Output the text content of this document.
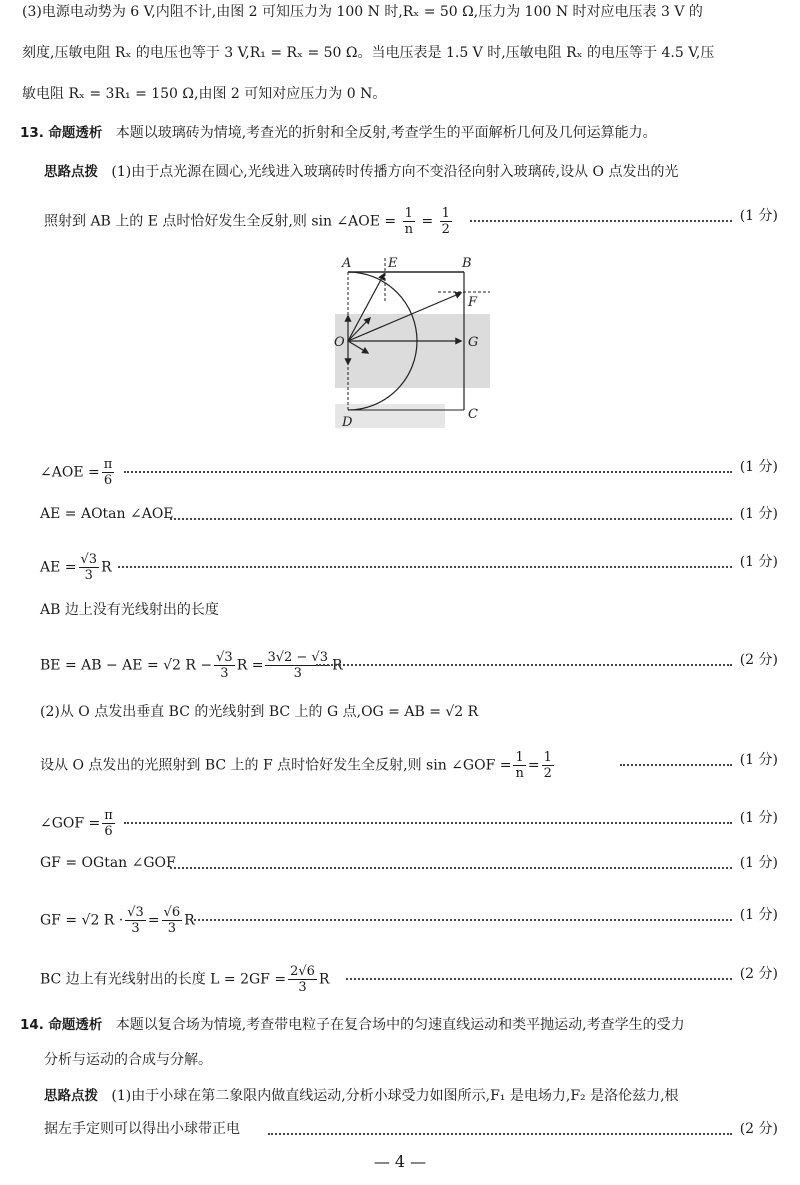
(3)电源电动势为 6 V,内阻不计,由图 2 可知压力为 100 N 时,Rₓ = 50 Ω,压力为 100 N 时对应电压表 3 V 的
刻度,压敏电阻 Rₓ 的电压也等于 3 V,R₁ = Rₓ = 50 Ω。当电压表是 1.5 V 时,压敏电阻 Rₓ 的电压等于 4.5 V,压
敏电阻 Rₓ = 3R₁ = 150 Ω,由图 2 可知对应压力为 0 N。
13. 命题透析 本题以玻璃砖为情境,考查光的折射和全反射,考查学生的平面解析几何及几何运算能力。
思路点拨 (1)由于点光源在圆心,光线进入玻璃砖时传播方向不变沿径向射入玻璃砖,设从 O 点发出的光
照射到 AB 上的 E 点时恰好发生全反射,则 sin ∠AOE = $\frac{1}{n} = \frac{1}{2}$	(1 分)
A	E	B
F
O	G
D
C
∠AOE = $\frac{\pi}{6}$	(1 分)
AE = AOtan ∠AOE	(1 分)
AE = $\frac{√3}{3}$ R	(1 分)
AB 边上没有光线射出的长度
BE = AB − AE = √2 $R - \frac{√3}{3}$ $R = \frac{3√2 - √3}{3}$ R	(2 分)
(2)从 O 点发出垂直 BC 的光线射到 BC 上的 G 点,OG = AB = √2 R
设从 O 点发出的光照射到 BC 上的 F 点时恰好发生全反射,则 sin ∠GOF = $\frac{1}{n} = \frac{1}{2}$	(1 分)
∠GOF = $\frac{\pi}{6}$	(1 分)
GF = OGtan ∠GOF	(1 分)
GF = √2 $R \cdot \frac{√3}{3} = \frac{√6}{3}$ R	(1 分)
BC 边上有光线射出的长度 $L = 2GF = \frac{2√6}{3}$ R	(2 分)
14. 命题透析 本题以复合场为情境,考查带电粒子在复合场中的匀速直线运动和类平抛运动,考查学生的受力
分析与运动的合成与分解。
思路点拨 (1)由于小球在第二象限内做直线运动,分析小球受力如图所示,F₁ 是电场力,F₂ 是洛伦兹力,根
据左手定则可以得出小球带正电	(2 分)
— 4 —
